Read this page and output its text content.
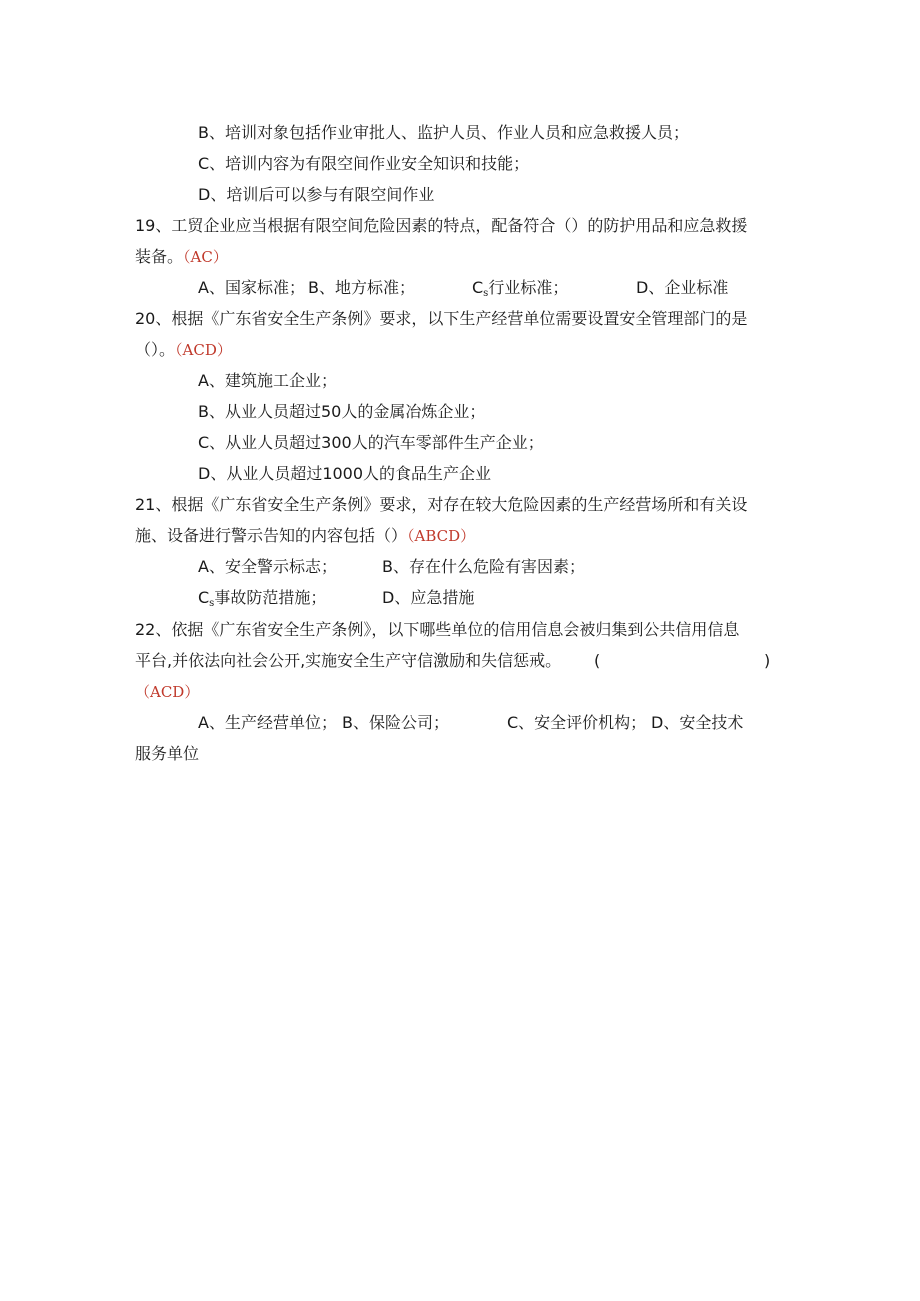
B、培训对象包括作业审批人、监护人员、作业人员和应急救援人员；
C、培训内容为有限空间作业安全知识和技能；
D、培训后可以参与有限空间作业
19、工贸企业应当根据有限空间危险因素的特点，配备符合（）的防护用品和应急救援
装备。（AC）
A、国家标准； B、地方标准；	$C_s$行业标准；	D、企业标准
20、根据《广东省安全生产条例》要求，以下生产经营单位需要设置安全管理部门的是
（）。（ACD）
A、建筑施工企业；
B、从业人员超过50人的金属冶炼企业；
C、从业人员超过300人的汽车零部件生产企业；
D、从业人员超过1000人的食品生产企业
21、根据《广东省安全生产条例》要求，对存在较大危险因素的生产经营场所和有关设
施、设备进行警示告知的内容包括（）（ABCD）
A、安全警示标志；	B、存在什么危险有害因素；
$C_s$事故防范措施；	D、应急措施
22、依据《广东省安全生产条例》，以下哪些单位的信用信息会被归集到公共信用信息
平台,并依法向社会公开,实施安全生产守信激励和失信惩戒。 (	)
（ACD）
A、生产经营单位； B、保险公司；	C、安全评价机构； D、安全技术
服务单位
